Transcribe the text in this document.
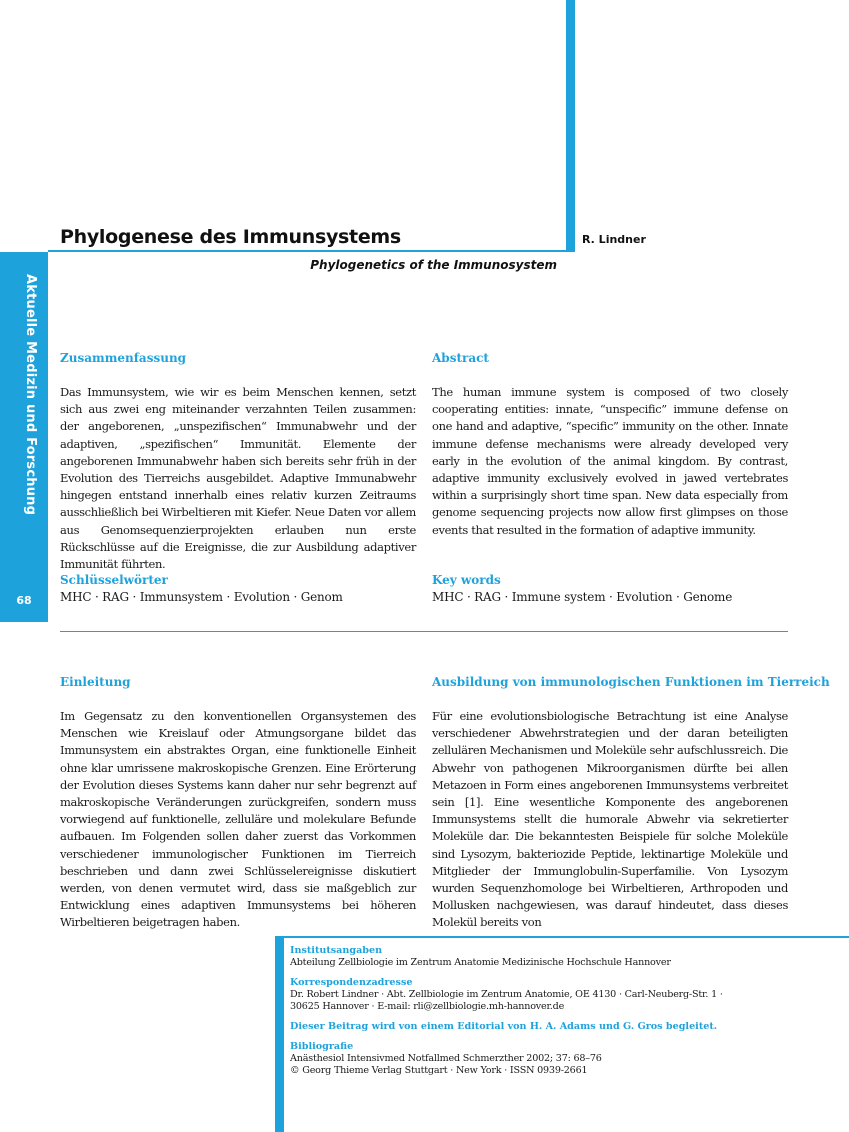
Aktuelle Medizin und Forschung
68
Phylogenese des Immunsystems	R. Lindner
Phylogenetics of the Immunosystem
Zusammenfassung
Das Immunsystem, wie wir es beim Menschen kennen, setzt sich aus zwei eng miteinander verzahnten Teilen zusammen: der angeborenen, „unspezifischen“ Immunabwehr und der adaptiven, „spezifischen“ Immunität. Elemente der angeborenen Immunabwehr haben sich bereits sehr früh in der Evolution des Tierreichs ausgebildet. Adaptive Immunabwehr hingegen entstand innerhalb eines relativ kurzen Zeitraums ausschließlich bei Wirbeltieren mit Kiefer. Neue Daten vor allem aus Genomsequenzierprojekten erlauben nun erste Rückschlüsse auf die Ereignisse, die zur Ausbildung adaptiver Immunität führten.
Schlüsselwörter
MHC · RAG · Immunsystem · Evolution · Genom
Abstract
The human immune system is composed of two closely cooperating entities: innate, “unspecific” immune defense on one hand and adaptive, “specific” immunity on the other. Innate immune defense mechanisms were already developed very early in the evolution of the animal kingdom. By contrast, adaptive immunity exclusively evolved in jawed vertebrates within a surprisingly short time span. New data especially from genome sequencing projects now allow first glimpses on those events that resulted in the formation of adaptive immunity.
Key words
MHC · RAG · Immune system · Evolution · Genome
Einleitung
Im Gegensatz zu den konventionellen Organsystemen des Menschen wie Kreislauf oder Atmungsorgane bildet das Immunsystem ein abstraktes Organ, eine funktionelle Einheit ohne klar umrissene makroskopische Grenzen. Eine Erörterung der Evolution dieses Systems kann daher nur sehr begrenzt auf makroskopische Veränderungen zurückgreifen, sondern muss vorwiegend auf funktionelle, zelluläre und molekulare Befunde aufbauen. Im Folgenden sollen daher zuerst das Vorkommen verschiedener immunologischer Funktionen im Tierreich beschrieben und dann zwei Schlüsselereignisse diskutiert werden, von denen vermutet wird, dass sie maßgeblich zur Entwicklung eines adaptiven Immunsystems bei höheren Wirbeltieren beigetragen haben.
Ausbildung von immunologischen Funktionen im Tierreich
Für eine evolutionsbiologische Betrachtung ist eine Analyse verschiedener Abwehrstrategien und der daran beteiligten zellulären Mechanismen und Moleküle sehr aufschlussreich. Die Abwehr von pathogenen Mikroorganismen dürfte bei allen Metazoen in Form eines angeborenen Immunsystems verbreitet sein [1]. Eine wesentliche Komponente des angeborenen Immunsystems stellt die humorale Abwehr via sekretierter Moleküle dar. Die bekanntesten Beispiele für solche Moleküle sind Lysozym, bakteriozide Peptide, lektinartige Moleküle und Mitglieder der Immunglobulin-Superfamilie. Von Lysozym wurden Sequenzhomologe bei Wirbeltieren, Arthropoden und Mollusken nachgewiesen, was darauf hindeutet, dass dieses Molekül bereits von
Institutsangaben
Abteilung Zellbiologie im Zentrum Anatomie Medizinische Hochschule Hannover
Korrespondenzadresse
Dr. Robert Lindner · Abt. Zellbiologie im Zentrum Anatomie, OE 4130 · Carl-Neuberg-Str. 1 ·
30625 Hannover · E-mail: rli@zellbiologie.mh-hannover.de
Dieser Beitrag wird von einem Editorial von H. A. Adams und G. Gros begleitet.
Bibliografie
Anästhesiol Intensivmed Notfallmed Schmerzther 2002; 37: 68–76
© Georg Thieme Verlag Stuttgart · New York · ISSN 0939-2661
